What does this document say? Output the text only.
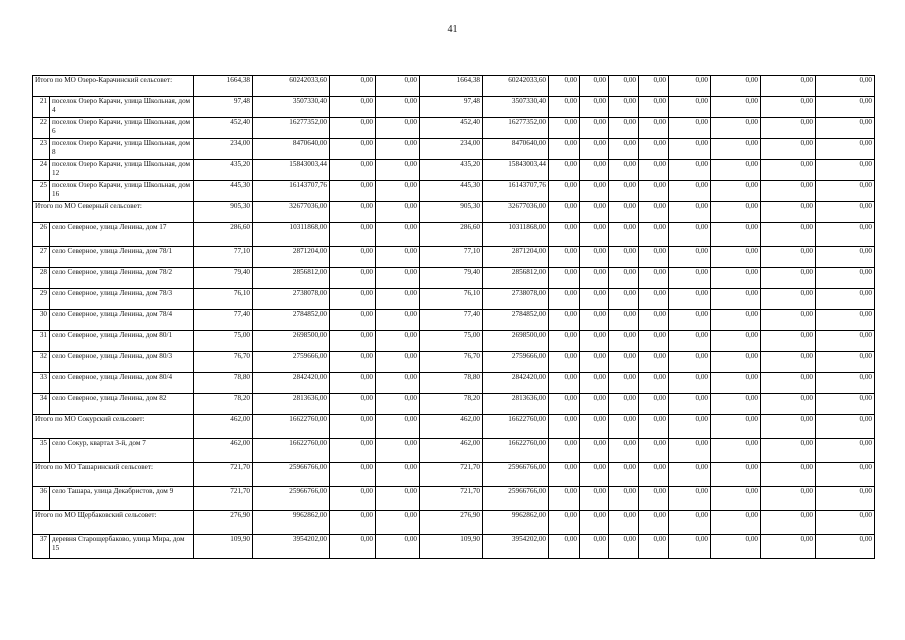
41
Итого по МО Озеро-Карачинский сельсовет:		1664,38	60242033,60	0,00	0,00	1664,38	60242033,60	0,00	0,00	0,00	0,00	0,00	0,00	0,00	0,00		
21	поселок Озеро Карачи, улица Школьная, дом 4	97,48	3507330,40	0,00	0,00	97,48	3507330,40	0,00	0,00	0,00	0,00	0,00	0,00	0,00	0,00		
22	поселок Озеро Карачи, улица Школьная, дом 6	452,40	16277352,00	0,00	0,00	452,40	16277352,00	0,00	0,00	0,00	0,00	0,00	0,00	0,00	0,00		
23	поселок Озеро Карачи, улица Школьная, дом 8	234,00	8470640,00	0,00	0,00	234,00	8470640,00	0,00	0,00	0,00	0,00	0,00	0,00	0,00	0,00		
24	поселок Озеро Карачи, улица Школьная, дом 12	435,20	15843003,44	0,00	0,00	435,20	15843003,44	0,00	0,00	0,00	0,00	0,00	0,00	0,00	0,00		
25	поселок Озеро Карачи, улица Школьная, дом 16	445,30	16143707,76	0,00	0,00	445,30	16143707,76	0,00	0,00	0,00	0,00	0,00	0,00	0,00	0,00		
Итого по МО Северный сельсовет:		905,30	32677036,00	0,00	0,00	905,30	32677036,00	0,00	0,00	0,00	0,00	0,00	0,00	0,00	0,00		
26	село Северное, улица Ленина, дом 17	286,60	10311868,00	0,00	0,00	286,60	10311868,00	0,00	0,00	0,00	0,00	0,00	0,00	0,00	0,00		
27	село Северное, улица Ленина, дом 78/1	77,10	2871204,00	0,00	0,00	77,10	2871204,00	0,00	0,00	0,00	0,00	0,00	0,00	0,00	0,00		
28	село Северное, улица Ленина, дом 78/2	79,40	2856812,00	0,00	0,00	79,40	2856812,00	0,00	0,00	0,00	0,00	0,00	0,00	0,00	0,00		
29	село Северное, улица Ленина, дом 78/3	76,10	2738078,00	0,00	0,00	76,10	2738078,00	0,00	0,00	0,00	0,00	0,00	0,00	0,00	0,00		
30	село Северное, улица Ленина, дом 78/4	77,40	2784852,00	0,00	0,00	77,40	2784852,00	0,00	0,00	0,00	0,00	0,00	0,00	0,00	0,00		
31	село Северное, улица Ленина, дом 80/1	75,00	2698500,00	0,00	0,00	75,00	2698500,00	0,00	0,00	0,00	0,00	0,00	0,00	0,00	0,00		
32	село Северное, улица Ленина, дом 80/3	76,70	2759666,00	0,00	0,00	76,70	2759666,00	0,00	0,00	0,00	0,00	0,00	0,00	0,00	0,00		
33	село Северное, улица Ленина, дом 80/4	78,80	2842420,00	0,00	0,00	78,80	2842420,00	0,00	0,00	0,00	0,00	0,00	0,00	0,00	0,00		
34	село Северное, улица Ленина, дом 82	78,20	2813636,00	0,00	0,00	78,20	2813636,00	0,00	0,00	0,00	0,00	0,00	0,00	0,00	0,00		
Итого по МО Сокурский сельсовет:		462,00	16622760,00	0,00	0,00	462,00	16622760,00	0,00	0,00	0,00	0,00	0,00	0,00	0,00	0,00		
35	село Сокур, квартал 3-й, дом 7	462,00	16622760,00	0,00	0,00	462,00	16622760,00	0,00	0,00	0,00	0,00	0,00	0,00	0,00	0,00		
Итого по МО Ташаринский сельсовет:		721,70	25966766,00	0,00	0,00	721,70	25966766,00	0,00	0,00	0,00	0,00	0,00	0,00	0,00	0,00		
36	село Ташара, улица Декабристов, дом 9	721,70	25966766,00	0,00	0,00	721,70	25966766,00	0,00	0,00	0,00	0,00	0,00	0,00	0,00	0,00		
Итого по МО Щербаковский сельсовет:		276,90	9962862,00	0,00	0,00	276,90	9962862,00	0,00	0,00	0,00	0,00	0,00	0,00	0,00	0,00		
37	деревня Старощербаково, улица Мира, дом 15	109,90	3954202,00	0,00	0,00	109,90	3954202,00	0,00	0,00	0,00	0,00	0,00	0,00	0,00	0,00		
